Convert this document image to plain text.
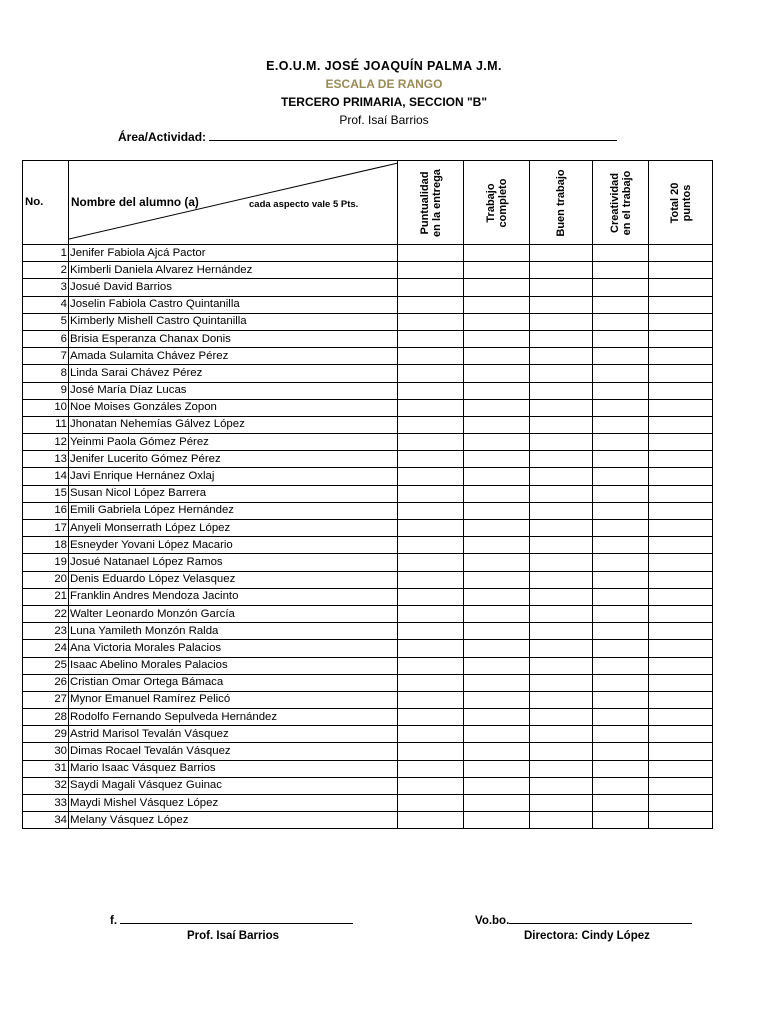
E.O.U.M. JOSÉ JOAQUÍN PALMA J.M.
ESCALA DE RANGO
TERCERO PRIMARIA, SECCION "B"
Prof. Isaí Barrios
Área/Actividad:
No.	Nombre del alumno (a) cada aspecto vale 5 Pts.	Puntualidad en la entrega	Trabajo completo	Buen trabajo	Creatividad en el trabajo	Total 20 puntos

1	Jenifer Fabiola Ajcá Pactor					
2	Kimberli Daniela Alvarez Hernández					
3	Josué David Barrios					
4	Joselin Fabiola Castro Quintanilla					
5	Kimberly Mishell Castro Quintanilla					
6	Brisia Esperanza Chanax Donis					
7	Amada Sulamita Chávez Pérez					
8	Linda Sarai Chávez Pérez					
9	José María Díaz Lucas					
10	Noe Moises Gonzáles Zopon					
11	Jhonatan Nehemías Gálvez López					
12	Yeinmi Paola Gómez Pérez					
13	Jenifer Lucerito Gómez Pérez					
14	Javi Enrique Hernánez Oxlaj					
15	Susan Nicol López Barrera					
16	Emili Gabriela López Hernández					
17	Anyeli Monserrath López López					
18	Esneyder Yovani López Macario					
19	Josué Natanael López Ramos					
20	Denis Eduardo López Velasquez					
21	Franklin Andres Mendoza Jacinto					
22	Walter Leonardo Monzón García					
23	Luna Yamileth Monzón Ralda					
24	Ana Victoria Morales Palacios					
25	Isaac Abelino Morales Palacios					
26	Cristian Omar Ortega Bámaca					
27	Mynor Emanuel Ramírez Pelicó					
28	Rodolfo Fernando Sepulveda Hernández					
29	Astrid Marisol Tevalán Vásquez					
30	Dimas Rocael Tevalán Vásquez					
31	Mario Isaac Vásquez Barrios					
32	Saydi Magali Vásquez Guinac					
33	Maydi Mishel Vásquez López					
34	Melany Vásquez López					
f.
Prof. Isaí Barrios
Vo.bo.
Directora: Cindy López
